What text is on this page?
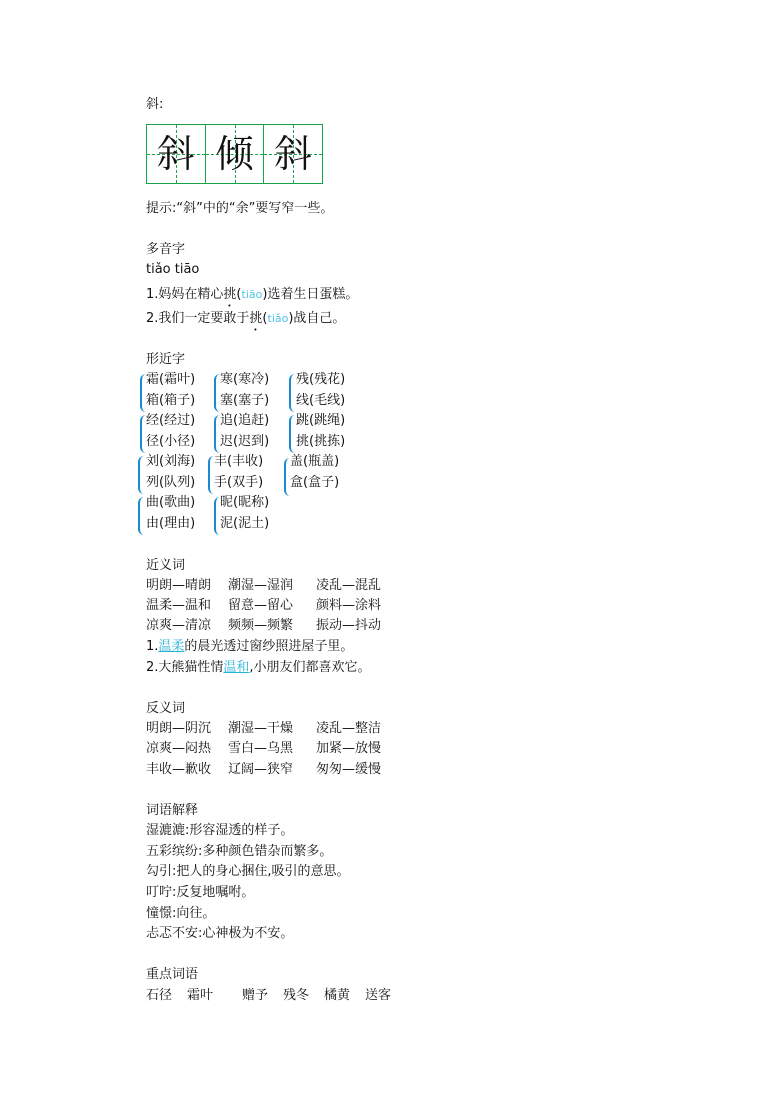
斜:
斜 倾 斜
提示:“斜”中的“余”要写窄一些。
多音字
tiǎo tiāo
1.妈妈在精心挑(tiāo)选着生日蛋糕。
2.我们一定要敢于挑(tiǎo)战自己。
形近字
霜(霜叶)
箱(箱子)
寒(寒冷)
塞(塞子)
残(残花)
线(毛线)
经(经过)
径(小径)
追(追赶)
迟(迟到)
跳(跳绳)
挑(挑拣)
刘(刘海)
列(队列)
曲(歌曲)
由(理由)
丰(丰收)
手(双手)
昵(昵称)
泥(泥土)
盖(瓶盖)
盒(盒子)
近义词
明朗—晴朗 潮湿—湿润 凌乱—混乱
温柔—温和 留意—留心 颜料—涂料
凉爽—清凉 频频—频繁 振动—抖动
1.温柔的晨光透过窗纱照进屋子里。
2.大熊猫性情温和,小朋友们都喜欢它。
反义词
明朗—阴沉 潮湿—干燥 凌乱—整洁
凉爽—闷热 雪白—乌黑 加紧—放慢
丰收—歉收 辽阔—狭窄 匆匆—缓慢
词语解释
湿漉漉:形容湿透的样子。
五彩缤纷:多种颜色错杂而繁多。
勾引:把人的身心捆住,吸引的意思。
叮咛:反复地嘱咐。
憧憬:向往。
忐忑不安:心神极为不安。
重点词语
石径 霜叶 赠予 残冬 橘黄 送客
